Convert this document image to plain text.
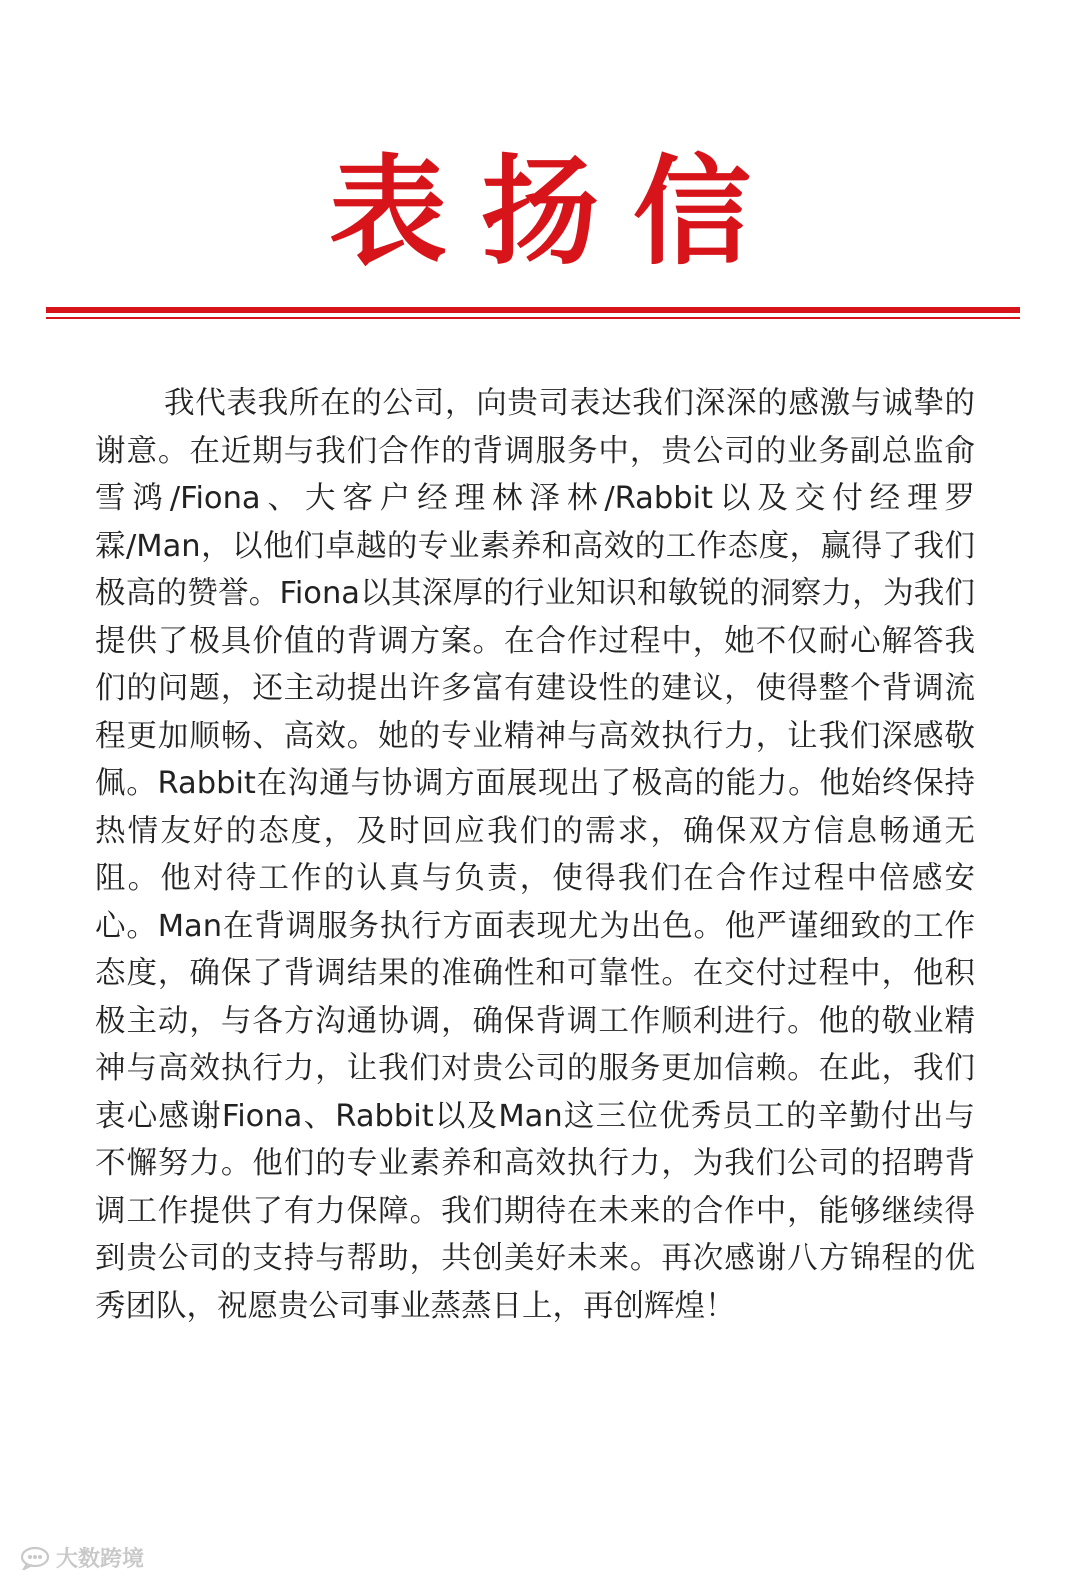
表扬信

我代表我所在的公司，向贵司表达我们深深的感激与诚挚的谢意。在近期与我们合作的背调服务中，贵公司的业务副总监俞雪鸿/Fiona、大客户经理林泽林/Rabbit以及交付经理罗霖/Man，以他们卓越的专业素养和高效的工作态度，赢得了我们极高的赞誉。Fiona以其深厚的行业知识和敏锐的洞察力，为我们提供了极具价值的背调方案。在合作过程中，她不仅耐心解答我们的问题，还主动提出许多富有建设性的建议，使得整个背调流程更加顺畅、高效。她的专业精神与高效执行力，让我们深感敬佩。Rabbit在沟通与协调方面展现出了极高的能力。他始终保持热情友好的态度，及时回应我们的需求，确保双方信息畅通无阻。他对待工作的认真与负责，使得我们在合作过程中倍感安心。Man在背调服务执行方面表现尤为出色。他严谨细致的工作态度，确保了背调结果的准确性和可靠性。在交付过程中，他积极主动，与各方沟通协调，确保背调工作顺利进行。他的敬业精神与高效执行力，让我们对贵公司的服务更加信赖。在此，我们衷心感谢Fiona、Rabbit以及Man这三位优秀员工的辛勤付出与不懈努力。他们的专业素养和高效执行力，为我们公司的招聘背调工作提供了有力保障。我们期待在未来的合作中，能够继续得到贵公司的支持与帮助，共创美好未来。再次感谢八方锦程的优秀团队，祝愿贵公司事业蒸蒸日上，再创辉煌！

大数跨境
